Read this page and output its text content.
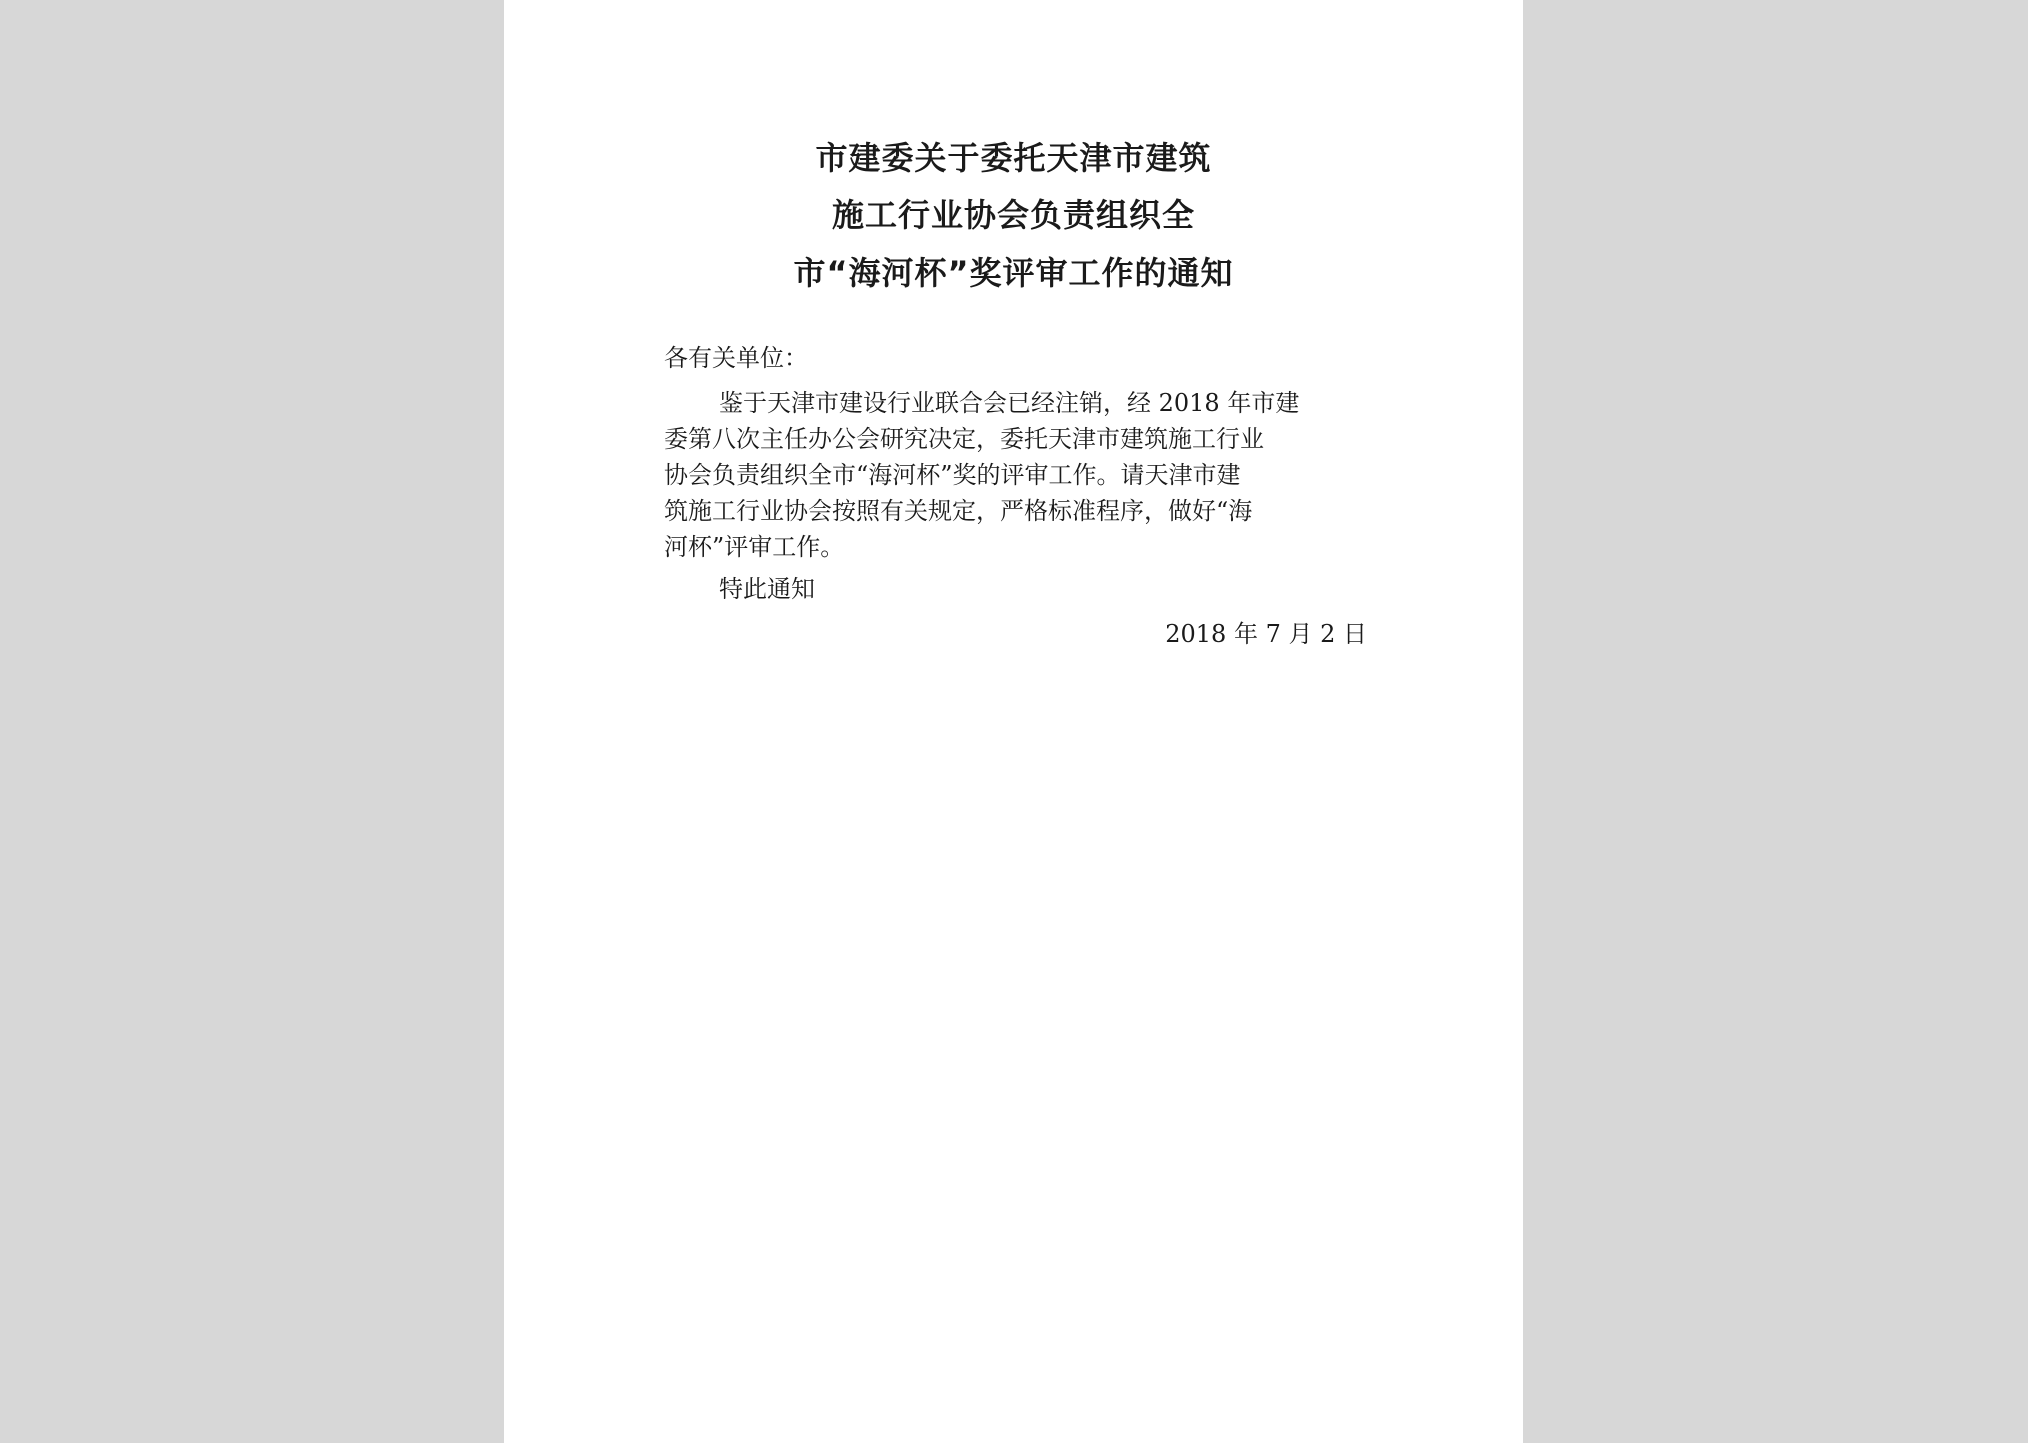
市建委关于委托天津市建筑
施工行业协会负责组织全
市“海河杯”奖评审工作的通知
各有关单位：
鉴于天津市建设行业联合会已经注销，经 2018 年市建
委第八次主任办公会研究决定，委托天津市建筑施工行业
协会负责组织全市“海河杯”奖的评审工作。请天津市建
筑施工行业协会按照有关规定，严格标准程序，做好“海
河杯”评审工作。
特此通知
2018 年 7 月 2 日
